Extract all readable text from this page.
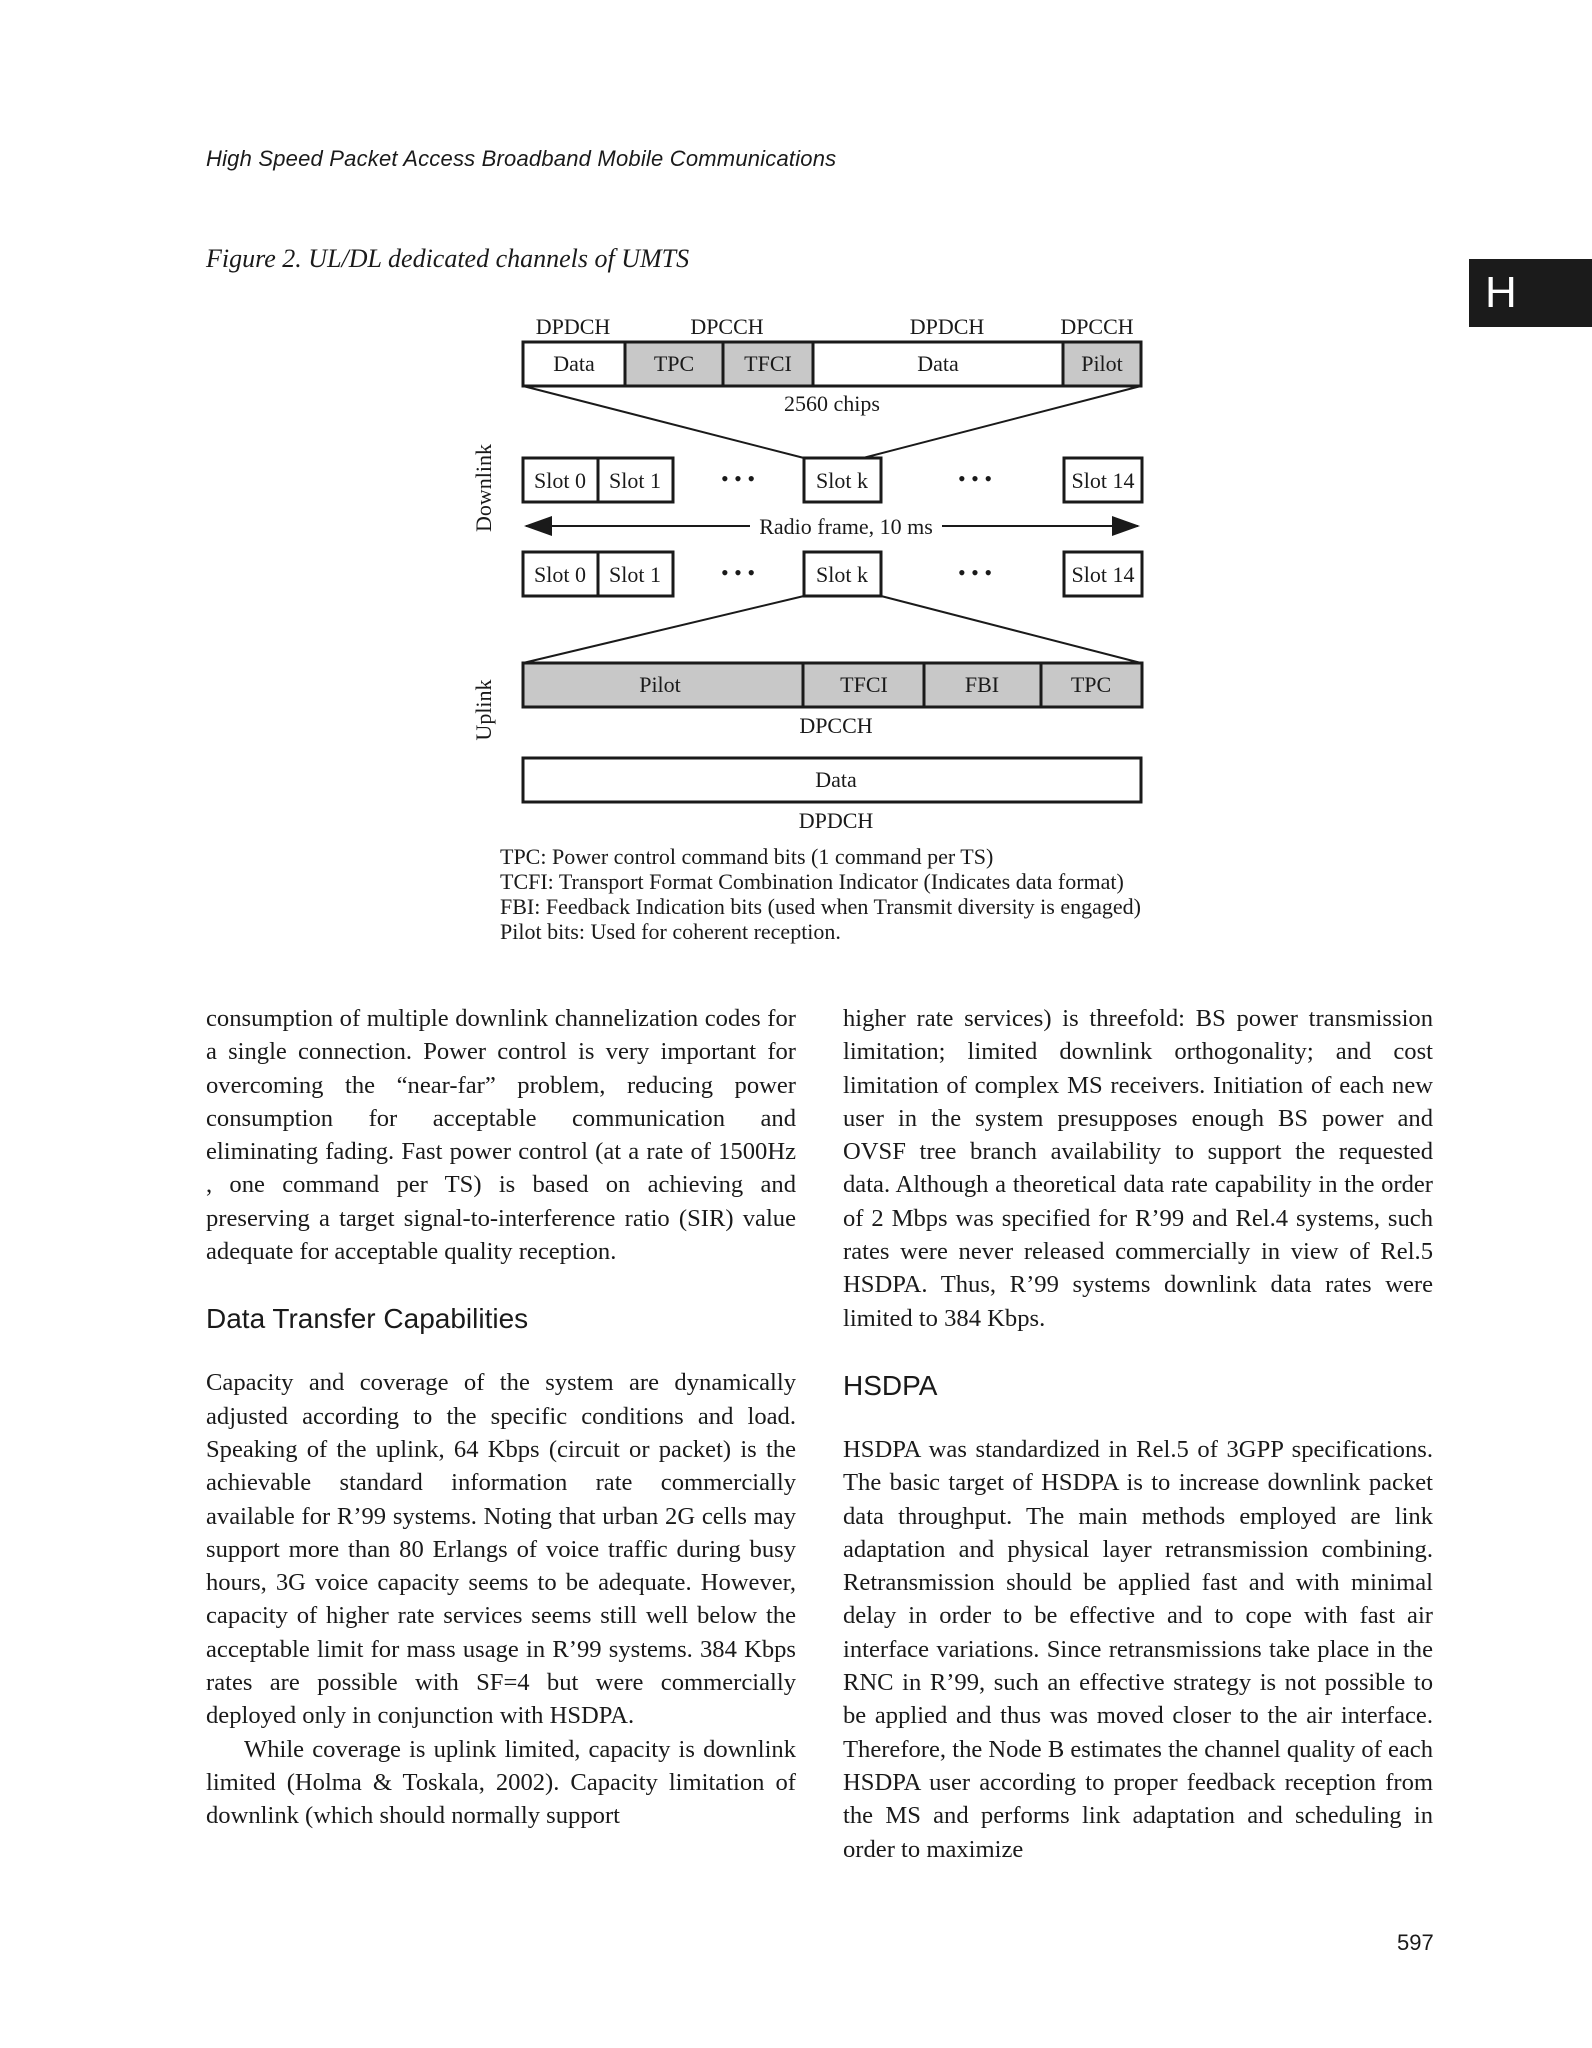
High Speed Packet Access Broadband Mobile Communications
H
Figure 2. UL/DL dedicated channels of UMTS
Downlink
Uplink
DPDCH	DPCCH	DPDCH	DPCCH
Data	TPC TFCI	Data	Pilot
2560 chips
Slot 0 Slot 1	Slot k	Slot 14
• • •	• • •
Radio frame, 10 ms
Slot 0 Slot 1	Slot k	Slot 14
• • •	• • •
Pilot	TFCI	FBI	TPC
DPCCH
Data
DPDCH
TPC: Power control command bits (1 command per TS)
TCFI: Transport Format Combination Indicator (Indicates data format)
FBI: Feedback Indication bits (used when Transmit diversity is engaged)
Pilot bits: Used for coherent reception.

consumption of multiple downlink channelization codes for a single connection. Power control is very important for overcoming the “near-far” problem, reducing power consumption for acceptable communication and eliminating fading. Fast power control (at a rate of 1500Hz , one command per TS) is based on achieving and preserving a target signal-to-interference ratio (SIR) value adequate for acceptable quality reception.

Data Transfer Capabilities

Capacity and coverage of the system are dynamically adjusted according to the specific conditions and load. Speaking of the uplink, 64 Kbps (circuit or packet) is the achievable standard information rate commercially available for R’99 systems. Noting that urban 2G cells may support more than 80 Erlangs of voice traffic during busy hours, 3G voice capacity seems to be adequate. However, capacity of higher rate services seems still well below the acceptable limit for mass usage in R’99 systems. 384 Kbps rates are possible with SF=4 but were commercially deployed only in conjunction with HSDPA.

While coverage is uplink limited, capacity is downlink limited (Holma & Toskala, 2002). Capacity limitation of downlink (which should normally support

higher rate services) is threefold: BS power transmission limitation; limited downlink orthogonality; and cost limitation of complex MS receivers. Initiation of each new user in the system presupposes enough BS power and OVSF tree branch availability to support the requested data. Although a theoretical data rate capability in the order of 2 Mbps was specified for R’99 and Rel.4 systems, such rates were never released commercially in view of Rel.5 HSDPA. Thus, R’99 systems downlink data rates were limited to 384 Kbps.

HSDPA

HSDPA was standardized in Rel.5 of 3GPP specifications. The basic target of HSDPA is to increase downlink packet data throughput. The main methods employed are link adaptation and physical layer retransmission combining. Retransmission should be applied fast and with minimal delay in order to be effective and to cope with fast air interface variations. Since retransmissions take place in the RNC in R’99, such an effective strategy is not possible to be applied and thus was moved closer to the air interface. Therefore, the Node B estimates the channel quality of each HSDPA user according to proper feedback reception from the MS and performs link adaptation and scheduling in order to maximize

597
